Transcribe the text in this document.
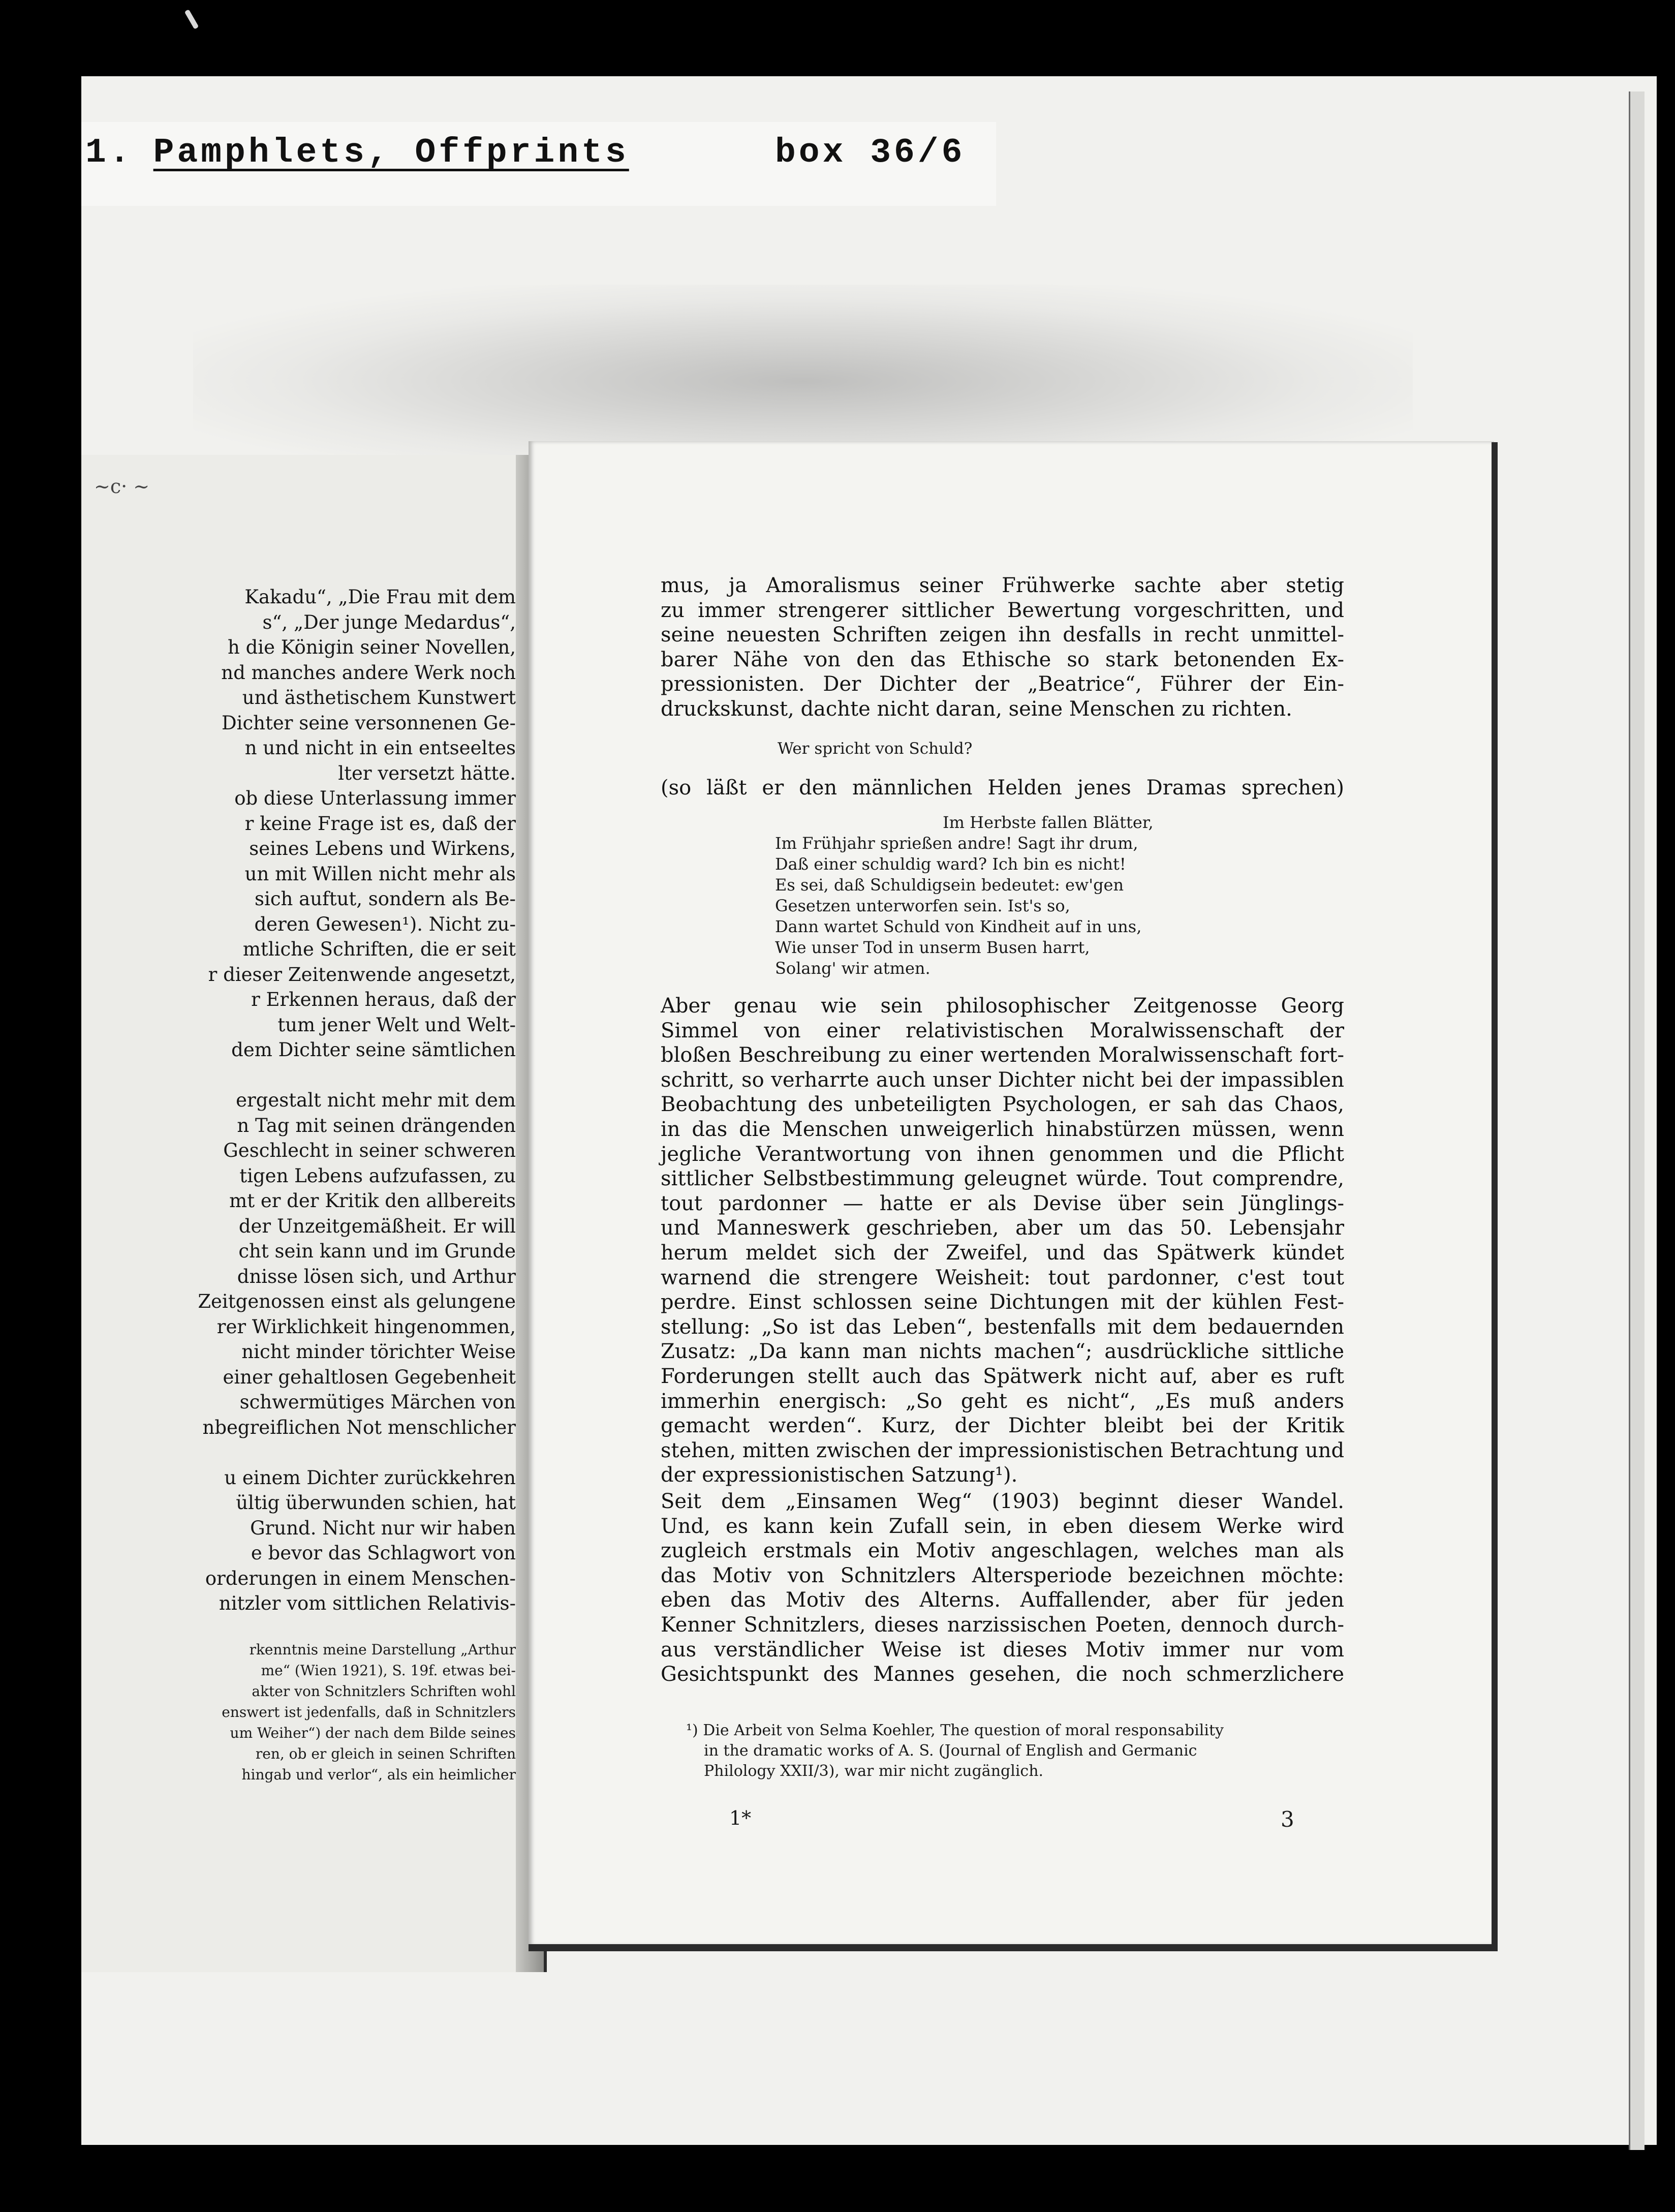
1. Pamphlets, Offprints	box 36/6
Kakadu“, „Die Frau mit dem
s“, „Der junge Medardus“,
h die Königin seiner Novellen,
nd manches andere Werk noch
und ästhetischem Kunstwert
Dichter seine versonnenen Ge-
n und nicht in ein entseeltes
lter versetzt hätte.
ob diese Unterlassung immer
r keine Frage ist es, daß der
seines Lebens und Wirkens,
un mit Willen nicht mehr als
sich auftut, sondern als Be-
deren Gewesen¹). Nicht zu-
mtliche Schriften, die er seit
r dieser Zeitenwende angesetzt,
r Erkennen heraus, daß der
tum jener Welt und Welt-
dem Dichter seine sämtlichen
ergestalt nicht mehr mit dem
n Tag mit seinen drängenden
Geschlecht in seiner schweren
tigen Lebens aufzufassen, zu
mt er der Kritik den allbereits
der Unzeitgemäßheit. Er will
cht sein kann und im Grunde
dnisse lösen sich, und Arthur
Zeitgenossen einst als gelungene
rer Wirklichkeit hingenommen,
nicht minder törichter Weise
einer gehaltlosen Gegebenheit
schwermütiges Märchen von
nbegreiflichen Not menschlicher
u einem Dichter zurückkehren
ültig überwunden schien, hat
Grund. Nicht nur wir haben
e bevor das Schlagwort von
orderungen in einem Menschen-
nitzler vom sittlichen Relativis-
rkenntnis meine Darstellung „Arthur
me“ (Wien 1921), S. 19f. etwas bei-
akter von Schnitzlers Schriften wohl
enswert ist jedenfalls, daß in Schnitzlers
um Weiher“) der nach dem Bilde seines
ren, ob er gleich in seinen Schriften
hingab und verlor“, als ein heimlicher
~c· ~
mus, ja Amoralismus seiner Frühwerke sachte aber stetig
zu immer strengerer sittlicher Bewertung vorgeschritten, und
seine neuesten Schriften zeigen ihn desfalls in recht unmittel-
barer Nähe von den das Ethische so stark betonenden Ex-
pressionisten. Der Dichter der „Beatrice“, Führer der Ein-
druckskunst, dachte nicht daran, seine Menschen zu richten.
Wer spricht von Schuld?
(so läßt er den männlichen Helden jenes Dramas sprechen)
Im Herbste fallen Blätter,
Im Frühjahr sprießen andre! Sagt ihr drum,
Daß einer schuldig ward? Ich bin es nicht!
Es sei, daß Schuldigsein bedeutet: ew'gen
Gesetzen unterworfen sein. Ist's so,
Dann wartet Schuld von Kindheit auf in uns,
Wie unser Tod in unserm Busen harrt,
Solang' wir atmen.
Aber genau wie sein philosophischer Zeitgenosse Georg
Simmel von einer relativistischen Moralwissenschaft der
bloßen Beschreibung zu einer wertenden Moralwissenschaft fort-
schritt, so verharrte auch unser Dichter nicht bei der impassiblen
Beobachtung des unbeteiligten Psychologen, er sah das Chaos,
in das die Menschen unweigerlich hinabstürzen müssen, wenn
jegliche Verantwortung von ihnen genommen und die Pflicht
sittlicher Selbstbestimmung geleugnet würde. Tout comprendre,
tout pardonner — hatte er als Devise über sein Jünglings-
und Manneswerk geschrieben, aber um das 50. Lebensjahr
herum meldet sich der Zweifel, und das Spätwerk kündet
warnend die strengere Weisheit: tout pardonner, c'est tout
perdre. Einst schlossen seine Dichtungen mit der kühlen Fest-
stellung: „So ist das Leben“, bestenfalls mit dem bedauernden
Zusatz: „Da kann man nichts machen“; ausdrückliche sittliche
Forderungen stellt auch das Spätwerk nicht auf, aber es ruft
immerhin energisch: „So geht es nicht“, „Es muß anders
gemacht werden“. Kurz, der Dichter bleibt bei der Kritik
stehen, mitten zwischen der impressionistischen Betrachtung und
der expressionistischen Satzung¹).
Seit dem „Einsamen Weg“ (1903) beginnt dieser Wandel.
Und, es kann kein Zufall sein, in eben diesem Werke wird
zugleich erstmals ein Motiv angeschlagen, welches man als
das Motiv von Schnitzlers Altersperiode bezeichnen möchte:
eben das Motiv des Alterns. Auffallender, aber für jeden
Kenner Schnitzlers, dieses narzissischen Poeten, dennoch durch-
aus verständlicher Weise ist dieses Motiv immer nur vom
Gesichtspunkt des Mannes gesehen, die noch schmerzlichere
¹) Die Arbeit von Selma Koehler, The question of moral responsability
in the dramatic works of A. S. (Journal of English and Germanic
Philology XXII/3), war mir nicht zugänglich.
1*	3
